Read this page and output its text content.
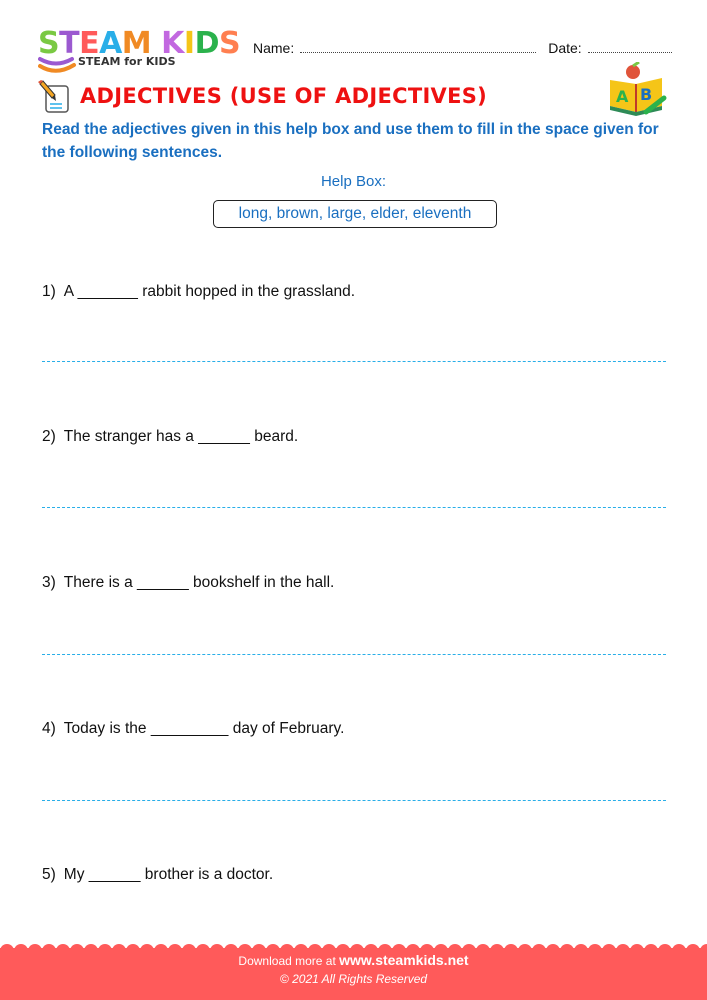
STEAM KIDS
STEAM for KIDS
Name:	Date:
A B
ADJECTIVES (USE OF ADJECTIVES)
Read the adjectives given in this help box and use them to fill in the space given for the following sentences.
Help Box:
long, brown, large, elder, eleventh
1) A _______ rabbit hopped in the grassland.
2) The stranger has a ______ beard.
3) There is a ______ bookshelf in the hall.
4) Today is the _________ day of February.
5) My ______ brother is a doctor.
Download more at www.steamkids.net
© 2021 All Rights Reserved
